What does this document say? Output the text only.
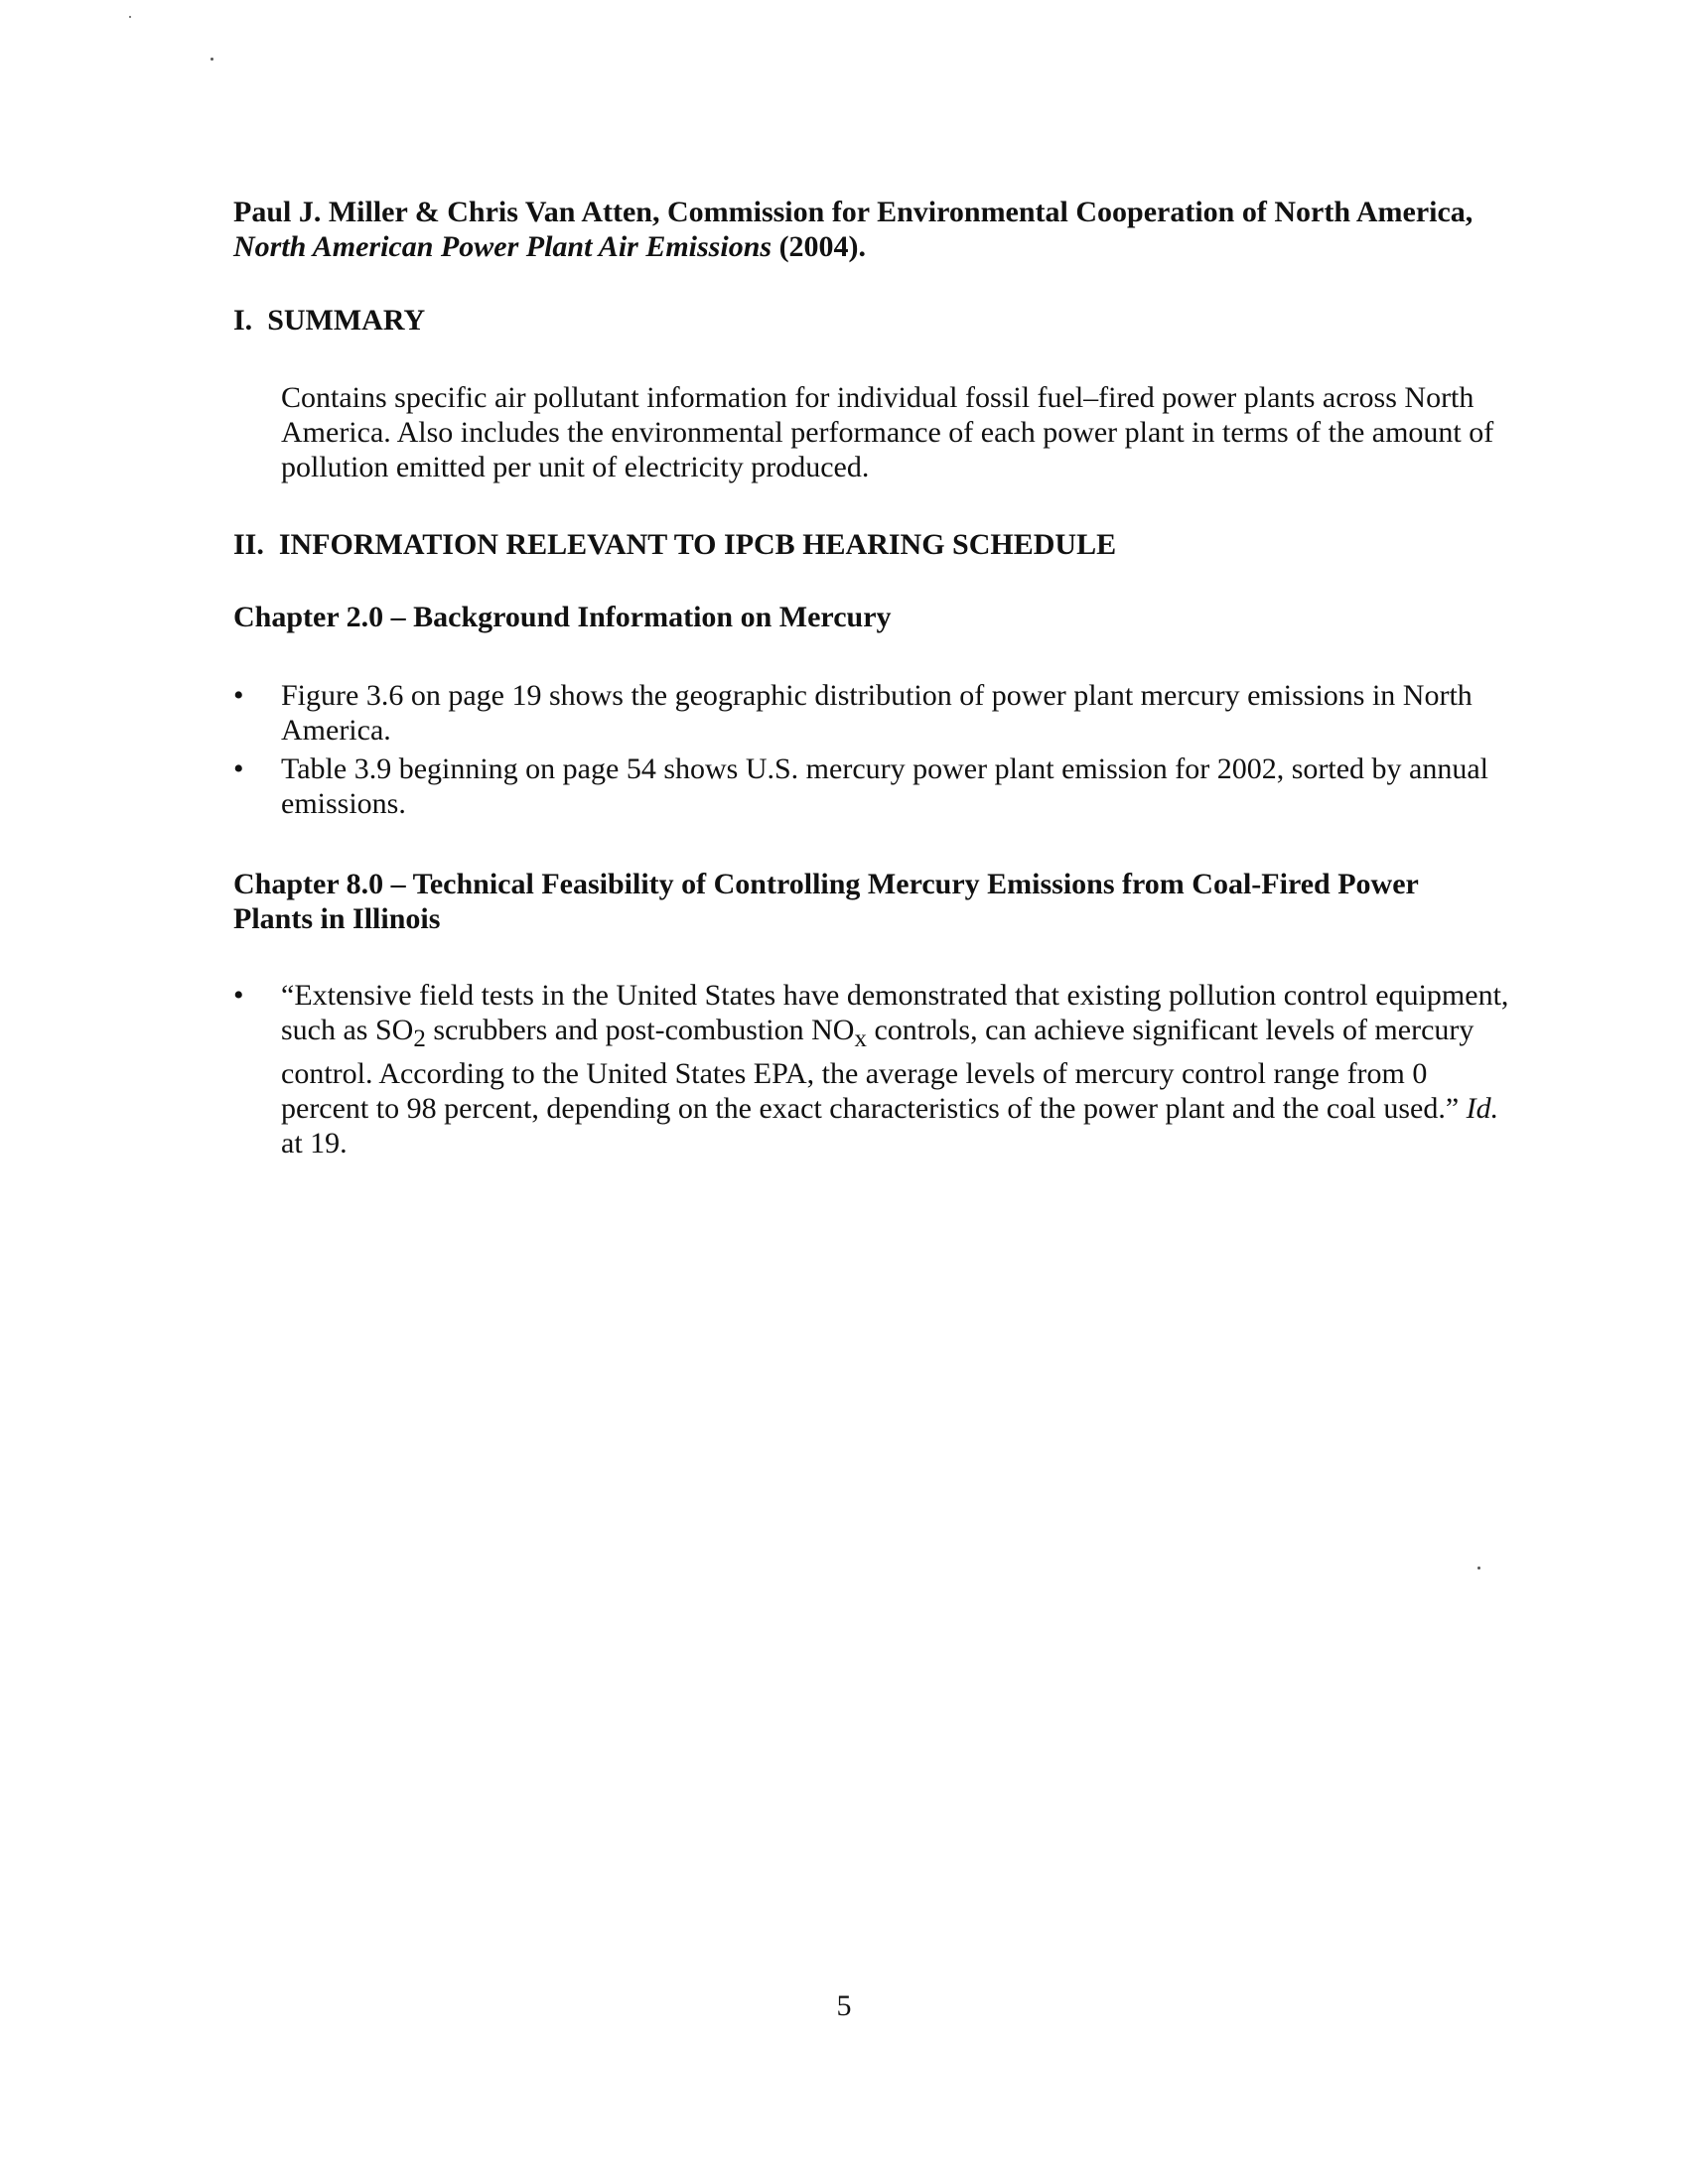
Paul J. Miller & Chris Van Atten, Commission for Environmental Cooperation of North America, North American Power Plant Air Emissions (2004).

I. SUMMARY

Contains specific air pollutant information for individual fossil fuel–fired power plants across North America. Also includes the environmental performance of each power plant in terms of the amount of pollution emitted per unit of electricity produced.

II. INFORMATION RELEVANT TO IPCB HEARING SCHEDULE
Chapter 2.0 – Background Information on Mercury
•	Figure 3.6 on page 19 shows the geographic distribution of power plant mercury emissions in North America.
•	Table 3.9 beginning on page 54 shows U.S. mercury power plant emission for 2002, sorted by annual emissions.
Chapter 8.0 – Technical Feasibility of Controlling Mercury Emissions from Coal-Fired Power Plants in Illinois
•	“Extensive field tests in the United States have demonstrated that existing pollution control equipment, such as $SO_2$ scrubbers and post-combustion $NO_x$ controls, can achieve significant levels of mercury control. According to the United States EPA, the average levels of mercury control range from 0 percent to 98 percent, depending on the exact characteristics of the power plant and the coal used.” Id. at 19.
5
